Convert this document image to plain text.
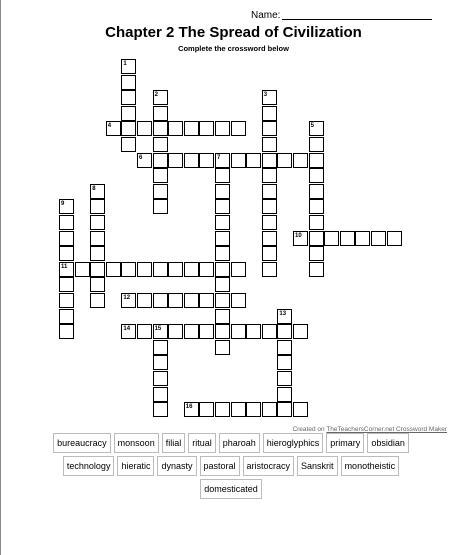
Name:
Chapter 2 The Spread of Civilization
Complete the crossword below
1
2	3
4	5
6	7
8
9
11
10
12
13
14	15
16
Created on TheTeachersCorner.net Crossword Maker
bureaucracy	monsoon	filial	ritual	pharoah	hieroglyphics	primary	obsidian
technology	hieratic	dynasty	pastoral	aristocracy	Sanskrit	monotheistic
domesticated
